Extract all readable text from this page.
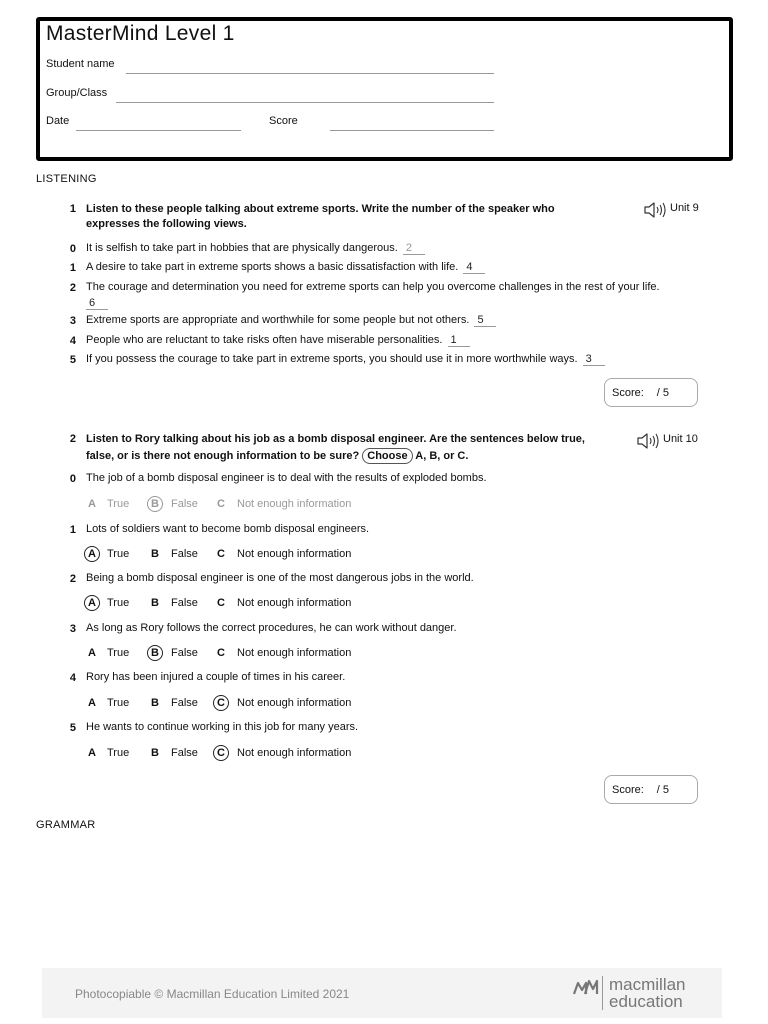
MasterMind Level 1
Student name
Group/Class
Date	Score
LISTENING
1 Listen to these people talking about extreme sports. Write the number of the speaker who expresses the following views.
Unit 9
0 It is selfish to take part in hobbies that are physically dangerous. 2
1 A desire to take part in extreme sports shows a basic dissatisfaction with life. 4
2 The courage and determination you need for extreme sports can help you overcome challenges in the rest of your life.
6
3 Extreme sports are appropriate and worthwhile for some people but not others. 5
4 People who are reluctant to take risks often have miserable personalities. 1
5 If you possess the courage to take part in extreme sports, you should use it in more worthwhile ways. 3
Score: / 5
2 Listen to Rory talking about his job as a bomb disposal engineer. Are the sentences below true,
false, or is there not enough information to be sure? Choose A, B, or C.
Unit 10
0 The job of a bomb disposal engineer is to deal with the results of exploded bombs.
A True B False C Not enough information
1 Lots of soldiers want to become bomb disposal engineers.
A True B False C Not enough information
2 Being a bomb disposal engineer is one of the most dangerous jobs in the world.
A True B False C Not enough information
3 As long as Rory follows the correct procedures, he can work without danger.
A True B False C Not enough information
4 Rory has been injured a couple of times in his career.
A True B False C Not enough information
5 He wants to continue working in this job for many years.
A True B False C Not enough information
Score: / 5
GRAMMAR
Photocopiable © Macmillan Education Limited 2021	macmillan
education
